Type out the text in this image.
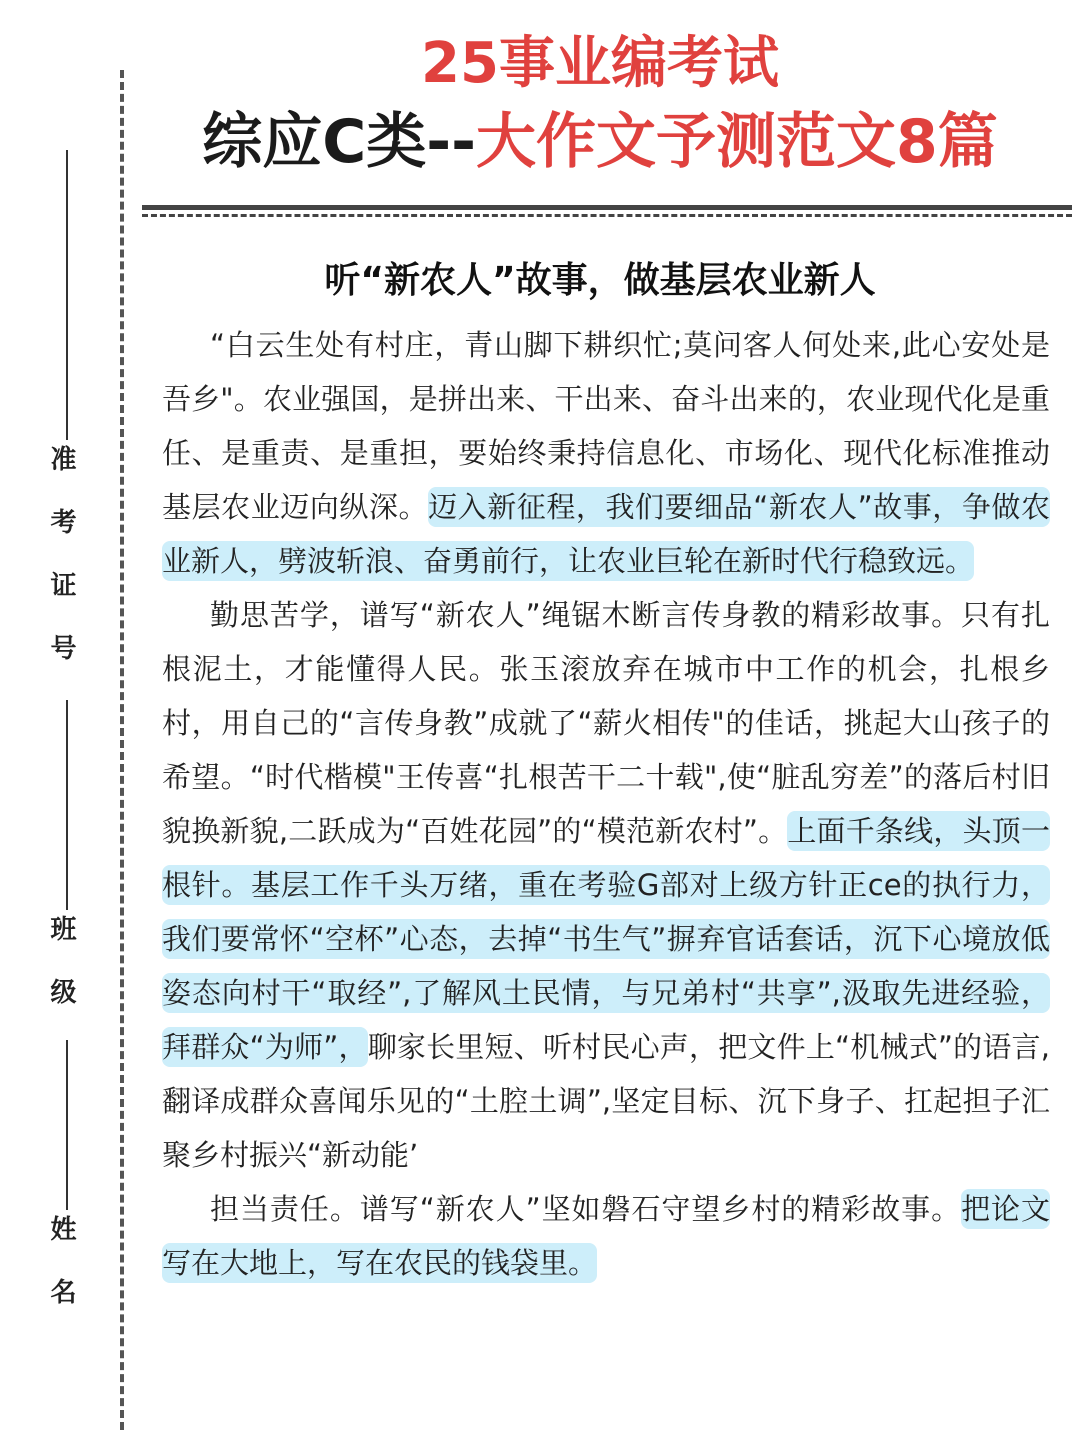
准 考 证 号
班 级
姓 名
25事业编考试
综应C类--大作文予测范文8篇
听“新农人”故事，做基层农业新人

“白云生处有村庄，青山脚下耕织忙;莫问客人何处来,此心安处是吾乡"。农业强国，是拼出来、干出来、奋斗出来的，农业现代化是重任、是重责、是重担，要始终秉持信息化、市场化、现代化标准推动基层农业迈向纵深。迈入新征程，我们要细品“新农人”故事，争做农业新人，劈波斩浪、奋勇前行，让农业巨轮在新时代行稳致远。

勤思苦学，谱写“新农人”绳锯木断言传身教的精彩故事。只有扎根泥土，才能懂得人民。张玉滚放弃在城市中工作的机会，扎根乡村，用自己的“言传身教”成就了“薪火相传"的佳话，挑起大山孩子的希望。“时代楷模"王传喜“扎根苦干二十载",使“脏乱穷差”的落后村旧貌换新貌,二跃成为“百姓花园”的“模范新农村”。上面千条线，头顶一根针。基层工作千头万绪，重在考验G部对上级方针正ce的执行力，我们要常怀“空杯”心态，去掉“书生气”摒弃官话套话，沉下心境放低姿态向村干“取经”,了解风土民情，与兄弟村“共享”,汲取先进经验，拜群众“为师”，聊家长里短、听村民心声，把文件上“机械式”的语言,翻译成群众喜闻乐见的“土腔土调”,坚定目标、沉下身子、扛起担子汇聚乡村振兴“新动能’

担当责任。谱写“新农人”坚如磐石守望乡村的精彩故事。把论文写在大地上，写在农民的钱袋里。
